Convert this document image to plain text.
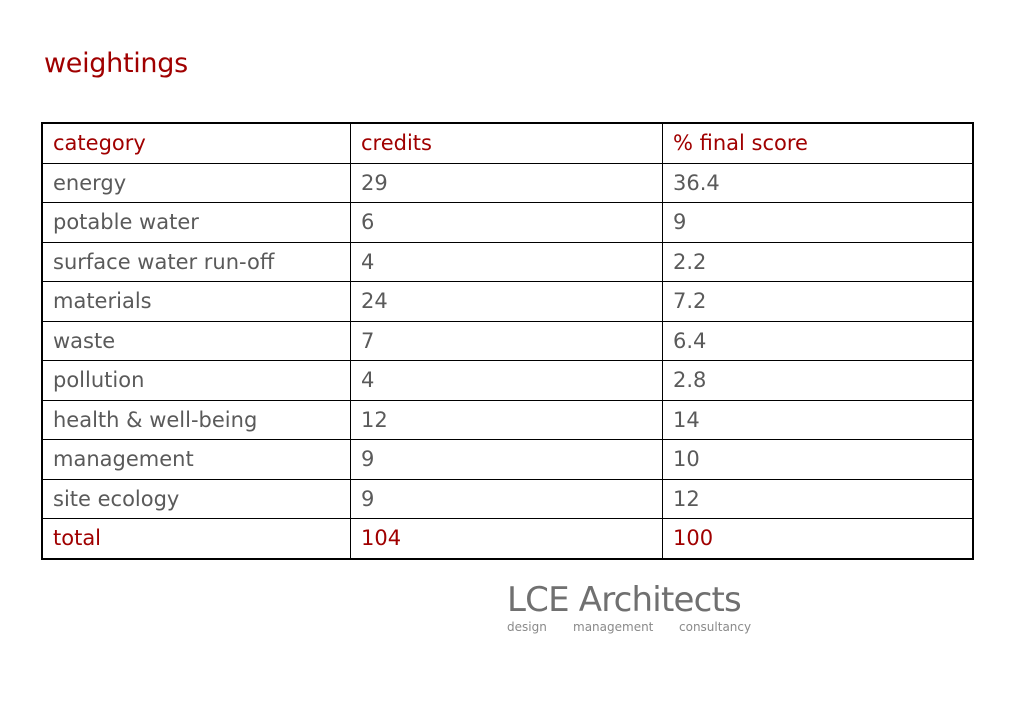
weightings
category	credits	% final score
energy	29	36.4
potable water	6	9
surface water run-off	4	2.2
materials	24	7.2
waste	7	6.4
pollution	4	2.8
health & well-being	12	14
management	9	10
site ecology	9	12
total	104	100
LCE Architects
design management consultancy
